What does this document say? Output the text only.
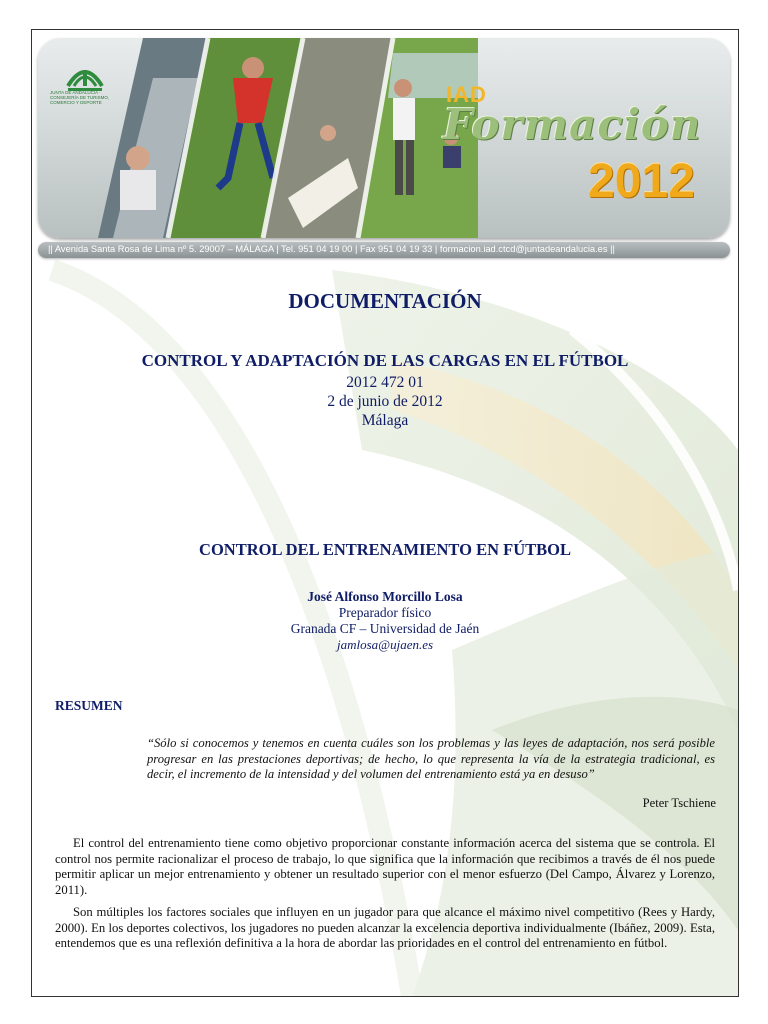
JUNTA DE ANDALUCIA · CONSEJERÍA DE TURISMO, COMERCIO Y DEPORTE	IAD
Formación
2012
|| Avenida Santa Rosa de Lima nº 5. 29007 – MÁLAGA | Tel. 951 04 19 00 | Fax 951 04 19 33 | formacion.iad.ctcd@juntadeandalucia.es ||
DOCUMENTACIÓN
CONTROL Y ADAPTACIÓN DE LAS CARGAS EN EL FÚTBOL
2012 472 01
2 de junio de 2012
Málaga
CONTROL DEL ENTRENAMIENTO EN FÚTBOL
José Alfonso Morcillo Losa
Preparador físico
Granada CF – Universidad de Jaén
jamlosa@ujaen.es
RESUMEN
“Sólo si conocemos y tenemos en cuenta cuáles son los problemas y las leyes de adaptación, nos será posible progresar en las prestaciones deportivas; de hecho, lo que representa la vía de la estrategia tradicional, es decir, el incremento de la intensidad y del volumen del entrenamiento está ya en desuso”
Peter Tschiene
El control del entrenamiento tiene como objetivo proporcionar constante información acerca del sistema que se controla. El control nos permite racionalizar el proceso de trabajo, lo que significa que la información que recibimos a través de él nos puede permitir aplicar un mejor entrenamiento y obtener un resultado superior con el menor esfuerzo (Del Campo, Álvarez y Lorenzo, 2011).
Son múltiples los factores sociales que influyen en un jugador para que alcance el máximo nivel competitivo (Rees y Hardy, 2000). En los deportes colectivos, los jugadores no pueden alcanzar la excelencia deportiva individualmente (Ibáñez, 2009). Esta, entendemos que es una reflexión definitiva a la hora de abordar las prioridades en el control del entrenamiento en fútbol.
